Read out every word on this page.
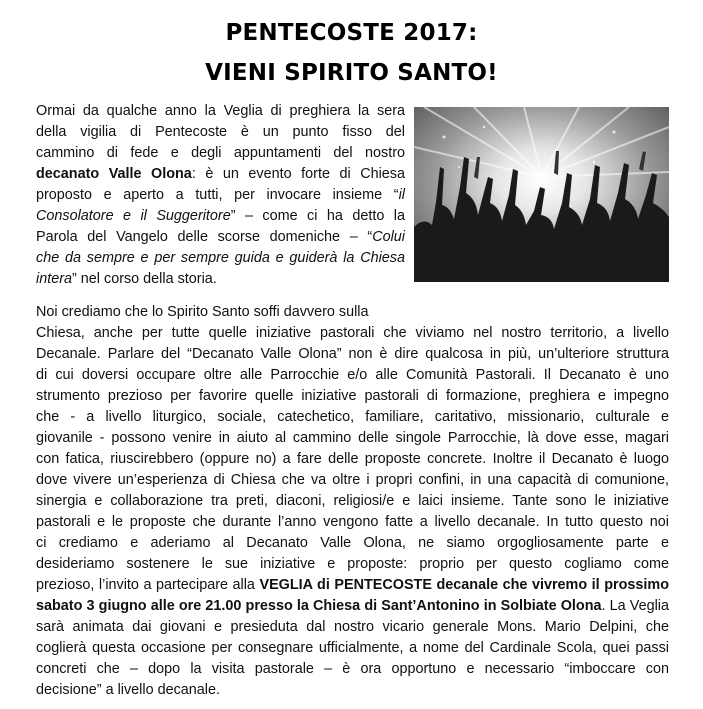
PENTECOSTE 2017:
VIENI SPIRITO SANTO!
Ormai da qualche anno la Veglia di preghiera la sera
della vigilia di Pentecoste è un punto fisso del
cammino di fede e degli appuntamenti del nostro
decanato Valle Olona: è un evento forte di Chiesa
proposto e aperto a tutti, per invocare insieme “il
Consolatore e il Suggeritore” – come ci ha detto la
Parola del Vangelo delle scorse domeniche – “Colui
che da sempre e per sempre guida e guiderà la Chiesa
intera” nel corso della storia.
Noi crediamo che lo Spirito Santo soffi davvero sulla
Chiesa, anche per tutte quelle iniziative pastorali che viviamo nel nostro territorio, a livello
Decanale. Parlare del “Decanato Valle Olona” non è dire qualcosa in più, un’ulteriore struttura
di cui doversi occupare oltre alle Parrocchie e/o alle Comunità Pastorali. Il Decanato è uno
strumento prezioso per favorire quelle iniziative pastorali di formazione, preghiera e impegno
che - a livello liturgico, sociale, catechetico, familiare, caritativo, missionario, culturale e
giovanile - possono venire in aiuto al cammino delle singole Parrocchie, là dove esse, magari
con fatica, riuscirebbero (oppure no) a fare delle proposte concrete. Inoltre il Decanato è luogo
dove vivere un’esperienza di Chiesa che va oltre i propri confini, in una capacità di comunione,
sinergia e collaborazione tra preti, diaconi, religiosi/e e laici insieme. Tante sono le iniziative
pastorali e le proposte che durante l’anno vengono fatte a livello decanale. In tutto questo noi
ci crediamo e aderiamo al Decanato Valle Olona, ne siamo orgogliosamente parte e
desideriamo sostenere le sue iniziative e proposte: proprio per questo cogliamo come
prezioso, l’invito a partecipare alla VEGLIA di PENTECOSTE decanale che vivremo il prossimo
sabato 3 giugno alle ore 21.00 presso la Chiesa di Sant’Antonino in Solbiate Olona. La Veglia
sarà animata dai giovani e presieduta dal nostro vicario generale Mons. Mario Delpini, che
coglierà questa occasione per consegnare ufficialmente, a nome del Cardinale Scola, quei passi
concreti che – dopo la visita pastorale – è ora opportuno e necessario “imboccare con
decisione” a livello decanale.
